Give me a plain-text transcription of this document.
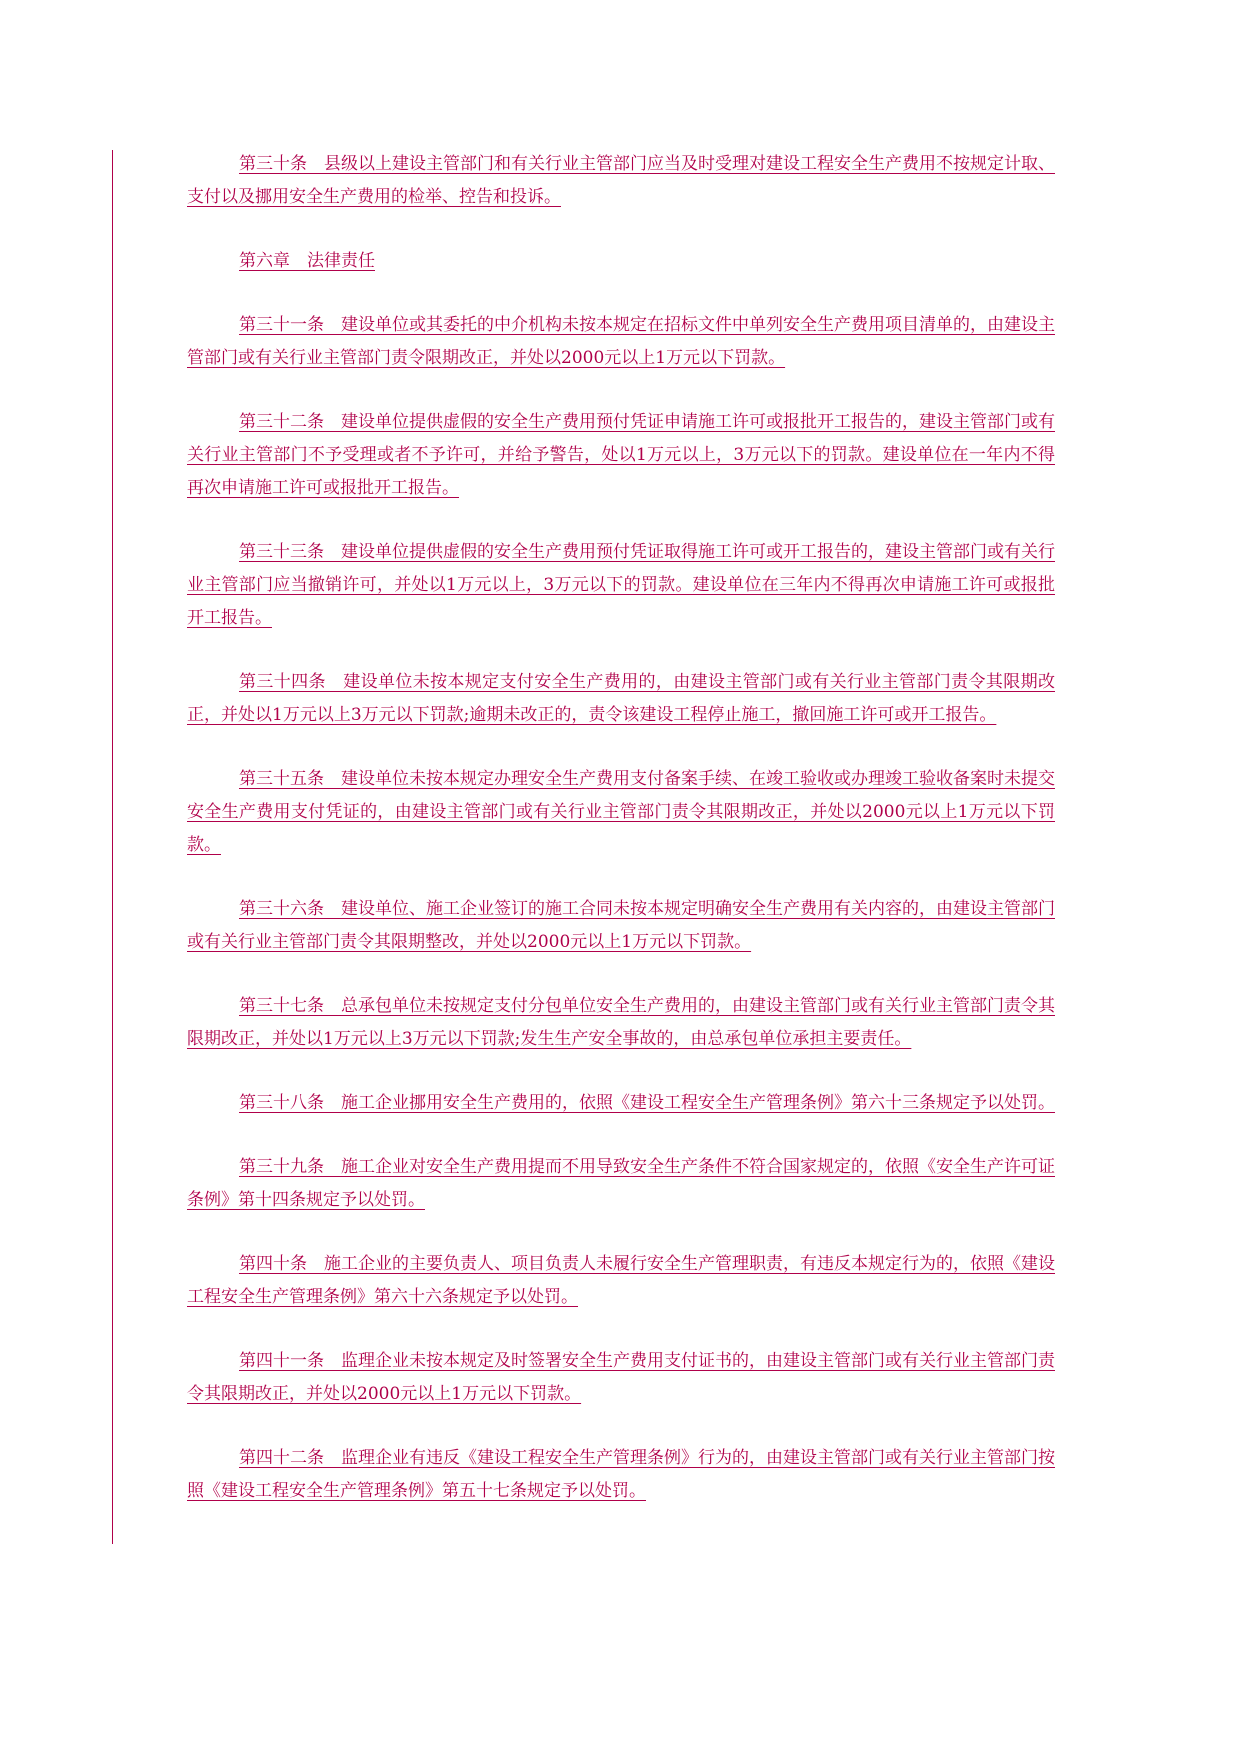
第三十条　县级以上建设主管部门和有关行业主管部门应当及时受理对建设工程安全生产费用不按规定计取、支付以及挪用安全生产费用的检举、控告和投诉。

第六章　法律责任

第三十一条　建设单位或其委托的中介机构未按本规定在招标文件中单列安全生产费用项目清单的，由建设主管部门或有关行业主管部门责令限期改正，并处以2000元以上1万元以下罚款。

第三十二条　建设单位提供虚假的安全生产费用预付凭证申请施工许可或报批开工报告的，建设主管部门或有关行业主管部门不予受理或者不予许可，并给予警告，处以1万元以上，3万元以下的罚款。建设单位在一年内不得再次申请施工许可或报批开工报告。

第三十三条　建设单位提供虚假的安全生产费用预付凭证取得施工许可或开工报告的，建设主管部门或有关行业主管部门应当撤销许可，并处以1万元以上，3万元以下的罚款。建设单位在三年内不得再次申请施工许可或报批开工报告。

第三十四条　建设单位未按本规定支付安全生产费用的，由建设主管部门或有关行业主管部门责令其限期改正，并处以1万元以上3万元以下罚款;逾期未改正的，责令该建设工程停止施工，撤回施工许可或开工报告。

第三十五条　建设单位未按本规定办理安全生产费用支付备案手续、在竣工验收或办理竣工验收备案时未提交安全生产费用支付凭证的，由建设主管部门或有关行业主管部门责令其限期改正，并处以2000元以上1万元以下罚款。

第三十六条　建设单位、施工企业签订的施工合同未按本规定明确安全生产费用有关内容的，由建设主管部门或有关行业主管部门责令其限期整改，并处以2000元以上1万元以下罚款。

第三十七条　总承包单位未按规定支付分包单位安全生产费用的，由建设主管部门或有关行业主管部门责令其限期改正，并处以1万元以上3万元以下罚款;发生生产安全事故的，由总承包单位承担主要责任。

第三十八条　施工企业挪用安全生产费用的，依照《建设工程安全生产管理条例》第六十三条规定予以处罚。

第三十九条　施工企业对安全生产费用提而不用导致安全生产条件不符合国家规定的，依照《安全生产许可证条例》第十四条规定予以处罚。

第四十条　施工企业的主要负责人、项目负责人未履行安全生产管理职责，有违反本规定行为的，依照《建设工程安全生产管理条例》第六十六条规定予以处罚。

第四十一条　监理企业未按本规定及时签署安全生产费用支付证书的，由建设主管部门或有关行业主管部门责令其限期改正，并处以2000元以上1万元以下罚款。

第四十二条　监理企业有违反《建设工程安全生产管理条例》行为的，由建设主管部门或有关行业主管部门按照《建设工程安全生产管理条例》第五十七条规定予以处罚。
